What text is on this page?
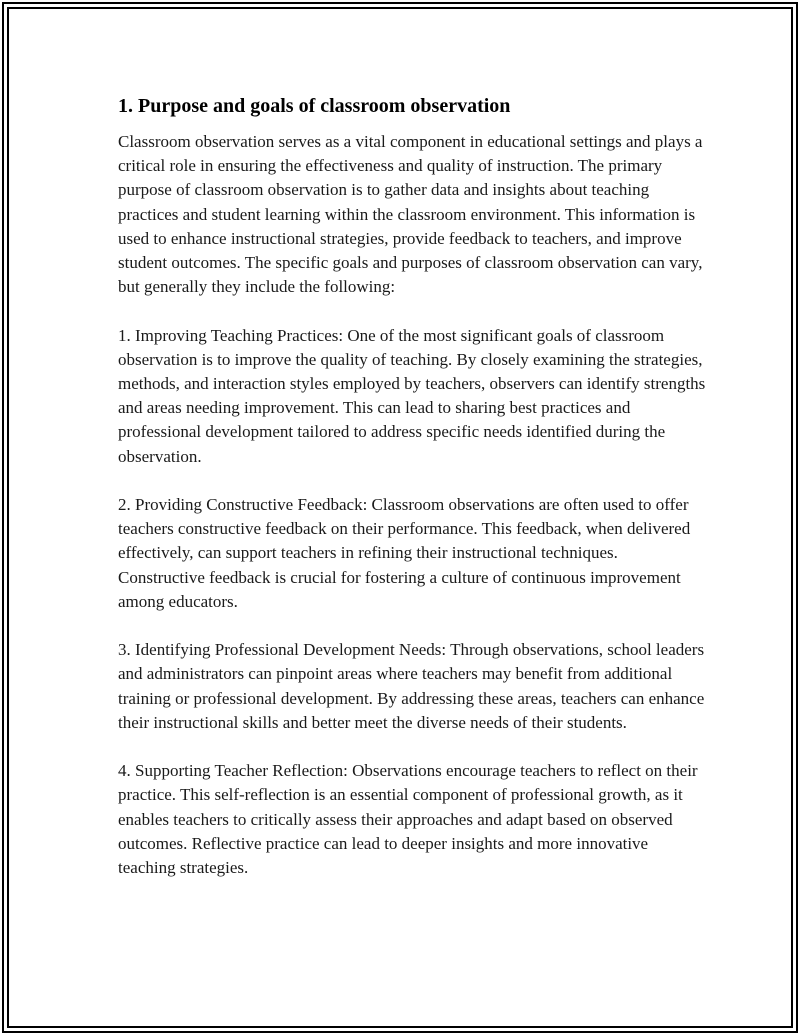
1. Purpose and goals of classroom observation

Classroom observation serves as a vital component in educational settings and plays a critical role in ensuring the effectiveness and quality of instruction. The primary purpose of classroom observation is to gather data and insights about teaching practices and student learning within the classroom environment. This information is used to enhance instructional strategies, provide feedback to teachers, and improve student outcomes. The specific goals and purposes of classroom observation can vary, but generally they include the following:

1. Improving Teaching Practices: One of the most significant goals of classroom observation is to improve the quality of teaching. By closely examining the strategies, methods, and interaction styles employed by teachers, observers can identify strengths and areas needing improvement. This can lead to sharing best practices and professional development tailored to address specific needs identified during the observation.

2. Providing Constructive Feedback: Classroom observations are often used to offer teachers constructive feedback on their performance. This feedback, when delivered effectively, can support teachers in refining their instructional techniques. Constructive feedback is crucial for fostering a culture of continuous improvement among educators.

3. Identifying Professional Development Needs: Through observations, school leaders and administrators can pinpoint areas where teachers may benefit from additional training or professional development. By addressing these areas, teachers can enhance their instructional skills and better meet the diverse needs of their students.

4. Supporting Teacher Reflection: Observations encourage teachers to reflect on their practice. This self-reflection is an essential component of professional growth, as it enables teachers to critically assess their approaches and adapt based on observed outcomes. Reflective practice can lead to deeper insights and more innovative teaching strategies.
